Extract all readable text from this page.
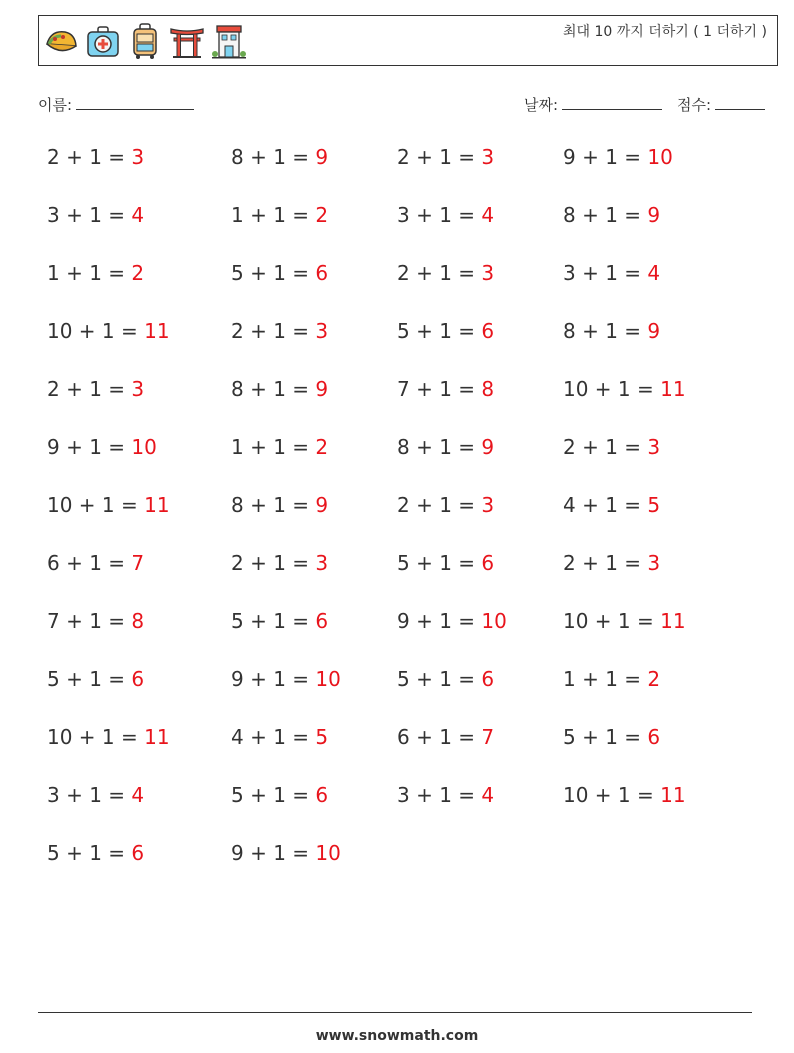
최대 10 까지 더하기 ( 1 더하기 )
이름:	날짜:	점수:
2 + 1 = 3	8 + 1 = 9	2 + 1 = 3	9 + 1 = 10
3 + 1 = 4	1 + 1 = 2	3 + 1 = 4	8 + 1 = 9
1 + 1 = 2	5 + 1 = 6	2 + 1 = 3	3 + 1 = 4
10 + 1 = 11	2 + 1 = 3	5 + 1 = 6	8 + 1 = 9
2 + 1 = 3	8 + 1 = 9	7 + 1 = 8	10 + 1 = 11
9 + 1 = 10	1 + 1 = 2	8 + 1 = 9	2 + 1 = 3
10 + 1 = 11	8 + 1 = 9	2 + 1 = 3	4 + 1 = 5
6 + 1 = 7	2 + 1 = 3	5 + 1 = 6	2 + 1 = 3
7 + 1 = 8	5 + 1 = 6	9 + 1 = 10	10 + 1 = 11
5 + 1 = 6	9 + 1 = 10	5 + 1 = 6	1 + 1 = 2
10 + 1 = 11	4 + 1 = 5	6 + 1 = 7	5 + 1 = 6
3 + 1 = 4	5 + 1 = 6	3 + 1 = 4	10 + 1 = 11
5 + 1 = 6	9 + 1 = 10
www.snowmath.com
